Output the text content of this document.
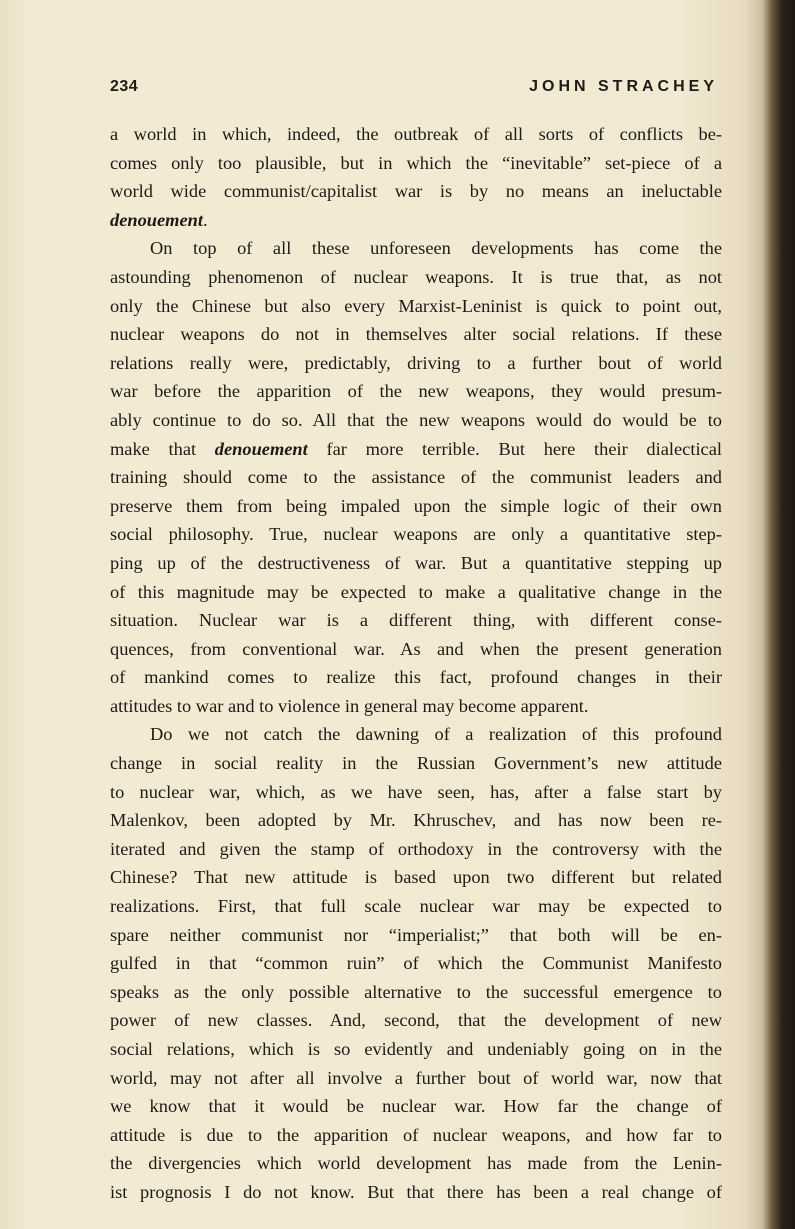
234	JOHN STRACHEY
a world in which, indeed, the outbreak of all sorts of conflicts be-
comes only too plausible, but in which the “inevitable” set-piece of a
world wide communist/capitalist war is by no means an ineluctable
denouement.
On top of all these unforeseen developments has come the
astounding phenomenon of nuclear weapons. It is true that, as not
only the Chinese but also every Marxist-Leninist is quick to point out,
nuclear weapons do not in themselves alter social relations. If these
relations really were, predictably, driving to a further bout of world
war before the apparition of the new weapons, they would presum-
ably continue to do so. All that the new weapons would do would be to
make that denouement far more terrible. But here their dialectical
training should come to the assistance of the communist leaders and
preserve them from being impaled upon the simple logic of their own
social philosophy. True, nuclear weapons are only a quantitative step-
ping up of the destructiveness of war. But a quantitative stepping up
of this magnitude may be expected to make a qualitative change in the
situation. Nuclear war is a different thing, with different conse-
quences, from conventional war. As and when the present generation
of mankind comes to realize this fact, profound changes in their
attitudes to war and to violence in general may become apparent.
Do we not catch the dawning of a realization of this profound
change in social reality in the Russian Government’s new attitude
to nuclear war, which, as we have seen, has, after a false start by
Malenkov, been adopted by Mr. Khruschev, and has now been re-
iterated and given the stamp of orthodoxy in the controversy with the
Chinese? That new attitude is based upon two different but related
realizations. First, that full scale nuclear war may be expected to
spare neither communist nor “imperialist;” that both will be en-
gulfed in that “common ruin” of which the Communist Manifesto
speaks as the only possible alternative to the successful emergence to
power of new classes. And, second, that the development of new
social relations, which is so evidently and undeniably going on in the
world, may not after all involve a further bout of world war, now that
we know that it would be nuclear war. How far the change of
attitude is due to the apparition of nuclear weapons, and how far to
the divergencies which world development has made from the Lenin-
ist prognosis I do not know. But that there has been a real change of
